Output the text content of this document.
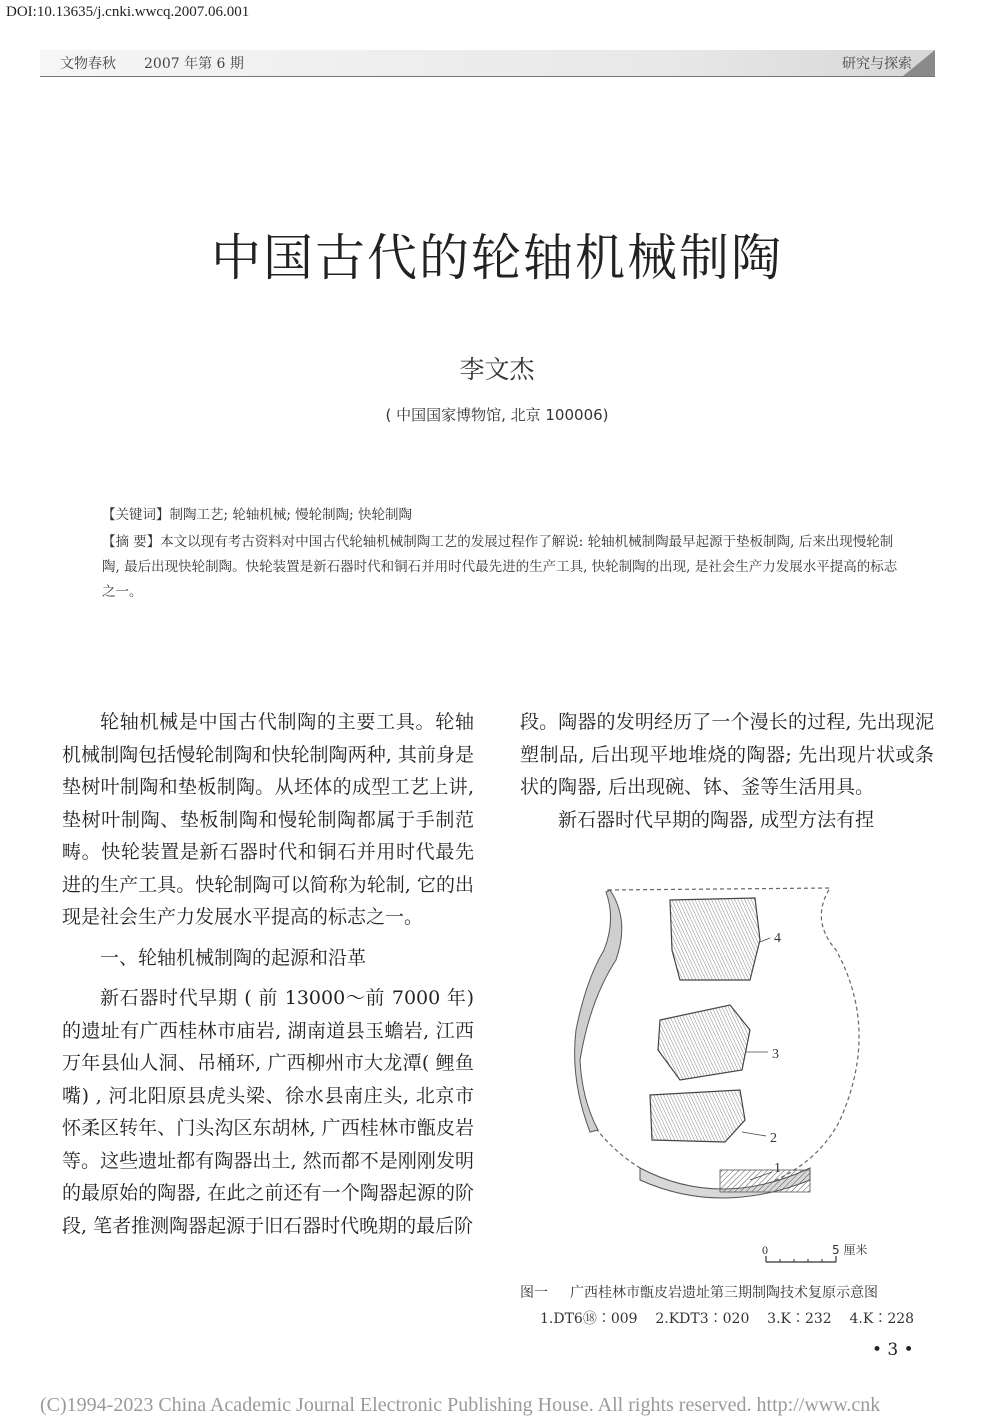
DOI:10.13635/j.cnki.wwcq.2007.06.001
文物春秋 2007 年第 6 期	研究与探索
中国古代的轮轴机械制陶
李文杰
( 中国国家博物馆, 北京 100006)
【关键词】制陶工艺; 轮轴机械; 慢轮制陶; 快轮制陶
【摘 要】本文以现有考古资料对中国古代轮轴机械制陶工艺的发展过程作了解说: 轮轴机械制陶最早起源于垫板制陶, 后来出现慢轮制陶, 最后出现快轮制陶。快轮装置是新石器时代和铜石并用时代最先进的生产工具, 快轮制陶的出现, 是社会生产力发展水平提高的标志之一。

轮轴机械是中国古代制陶的主要工具。轮轴机械制陶包括慢轮制陶和快轮制陶两种, 其前身是垫树叶制陶和垫板制陶。从坯体的成型工艺上讲, 垫树叶制陶、垫板制陶和慢轮制陶都属于手制范畴。快轮装置是新石器时代和铜石并用时代最先进的生产工具。快轮制陶可以简称为轮制, 它的出现是社会生产力发展水平提高的标志之一。

一、轮轴机械制陶的起源和沿革

新石器时代早期 ( 前 13000～前 7000 年) 的遗址有广西桂林市庙岩, 湖南道县玉蟾岩, 江西万年县仙人洞、吊桶环, 广西柳州市大龙潭( 鲤鱼嘴) , 河北阳原县虎头梁、徐水县南庄头, 北京市怀柔区转年、门头沟区东胡林, 广西桂林市甑皮岩等。这些遗址都有陶器出土, 然而都不是刚刚发明的最原始的陶器, 在此之前还有一个陶器起源的阶段, 笔者推测陶器起源于旧石器时代晚期的最后阶

段。陶器的发明经历了一个漫长的过程, 先出现泥塑制品, 后出现平地堆烧的陶器; 先出现片状或条状的陶器, 后出现碗、钵、釜等生活用具。

新石器时代早期的陶器, 成型方法有捏

4
3
2
1
0	5 厘米
图一 广西桂林市甑皮岩遗址第三期制陶技术复原示意图
1.DT6⑱∶009    2.KDT3∶020    3.K∶232    4.K∶228
• 3 •
(C)1994-2023 China Academic Journal Electronic Publishing House. All rights reserved. http://www.cnk
